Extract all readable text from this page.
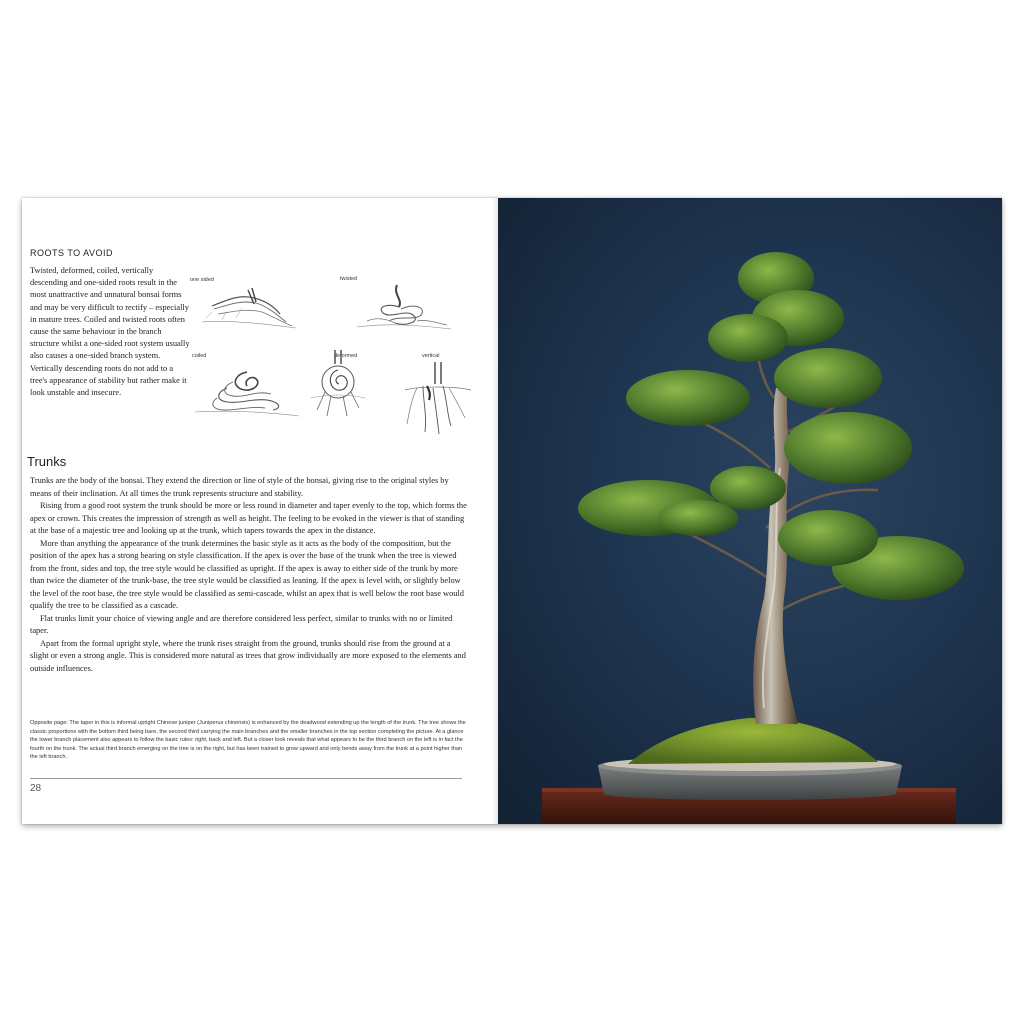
ROOTS TO AVOID
Twisted, deformed, coiled, vertically descending and one-sided roots result in the most unattractive and unnatural bonsai forms and may be very difficult to rectify – especially in mature trees. Coiled and twisted roots often cause the same behaviour in the branch structure whilst a one-sided root system usually also causes a one-sided branch system. Vertically descending roots do not add to a tree's appearance of stability but rather make it look unstable and insecure.
one sided	twisted
coiled	deformed	vertical
Trunks

Trunks are the body of the bonsai. They extend the direction or line of style of the bonsai, giving rise to the original styles by means of their inclination. At all times the trunk represents structure and stability.

Rising from a good root system the trunk should be more or less round in diameter and taper evenly to the top, which forms the apex or crown. This creates the impression of strength as well as height. The feeling to be evoked in the viewer is that of standing at the base of a majestic tree and looking up at the trunk, which tapers towards the apex in the distance.

More than anything the appearance of the trunk determines the basic style as it acts as the body of the composition, but the position of the apex has a strong bearing on style classification. If the apex is over the base of the trunk when the tree is viewed from the front, sides and top, the tree style would be classified as upright. If the apex is away to either side of the trunk by more than twice the diameter of the trunk-base, the tree style would be classified as leaning. If the apex is level with, or slightly below the level of the root base, the tree style would be classified as semi-cascade, whilst an apex that is well below the root base would qualify the tree to be classified as a cascade.

Flat trunks limit your choice of viewing angle and are therefore considered less perfect, similar to trunks with no or limited taper.

Apart from the formal upright style, where the trunk rises straight from the ground, trunks should rise from the ground at a slight or even a strong angle. This is considered more natural as trees that grow individually are more exposed to the elements and outside influences.

Opposite page: The taper in this is informal upright Chinese juniper (Juniperus chinensis) is enhanced by the deadwood extending up the length of the trunk. The tree shows the classic proportions with the bottom third being bare, the second third carrying the main branches and the smaller branches in the top section completing the picture. At a glance the lower branch placement also appears to follow the basic rules: right, back and left. But a closer look reveals that what appears to be the third branch on the left is in fact the fourth on the trunk. The actual third branch emerging on the tree is on the right, but has been trained to grow upward and only bends away from the trunk at a point higher than the left branch.
28
